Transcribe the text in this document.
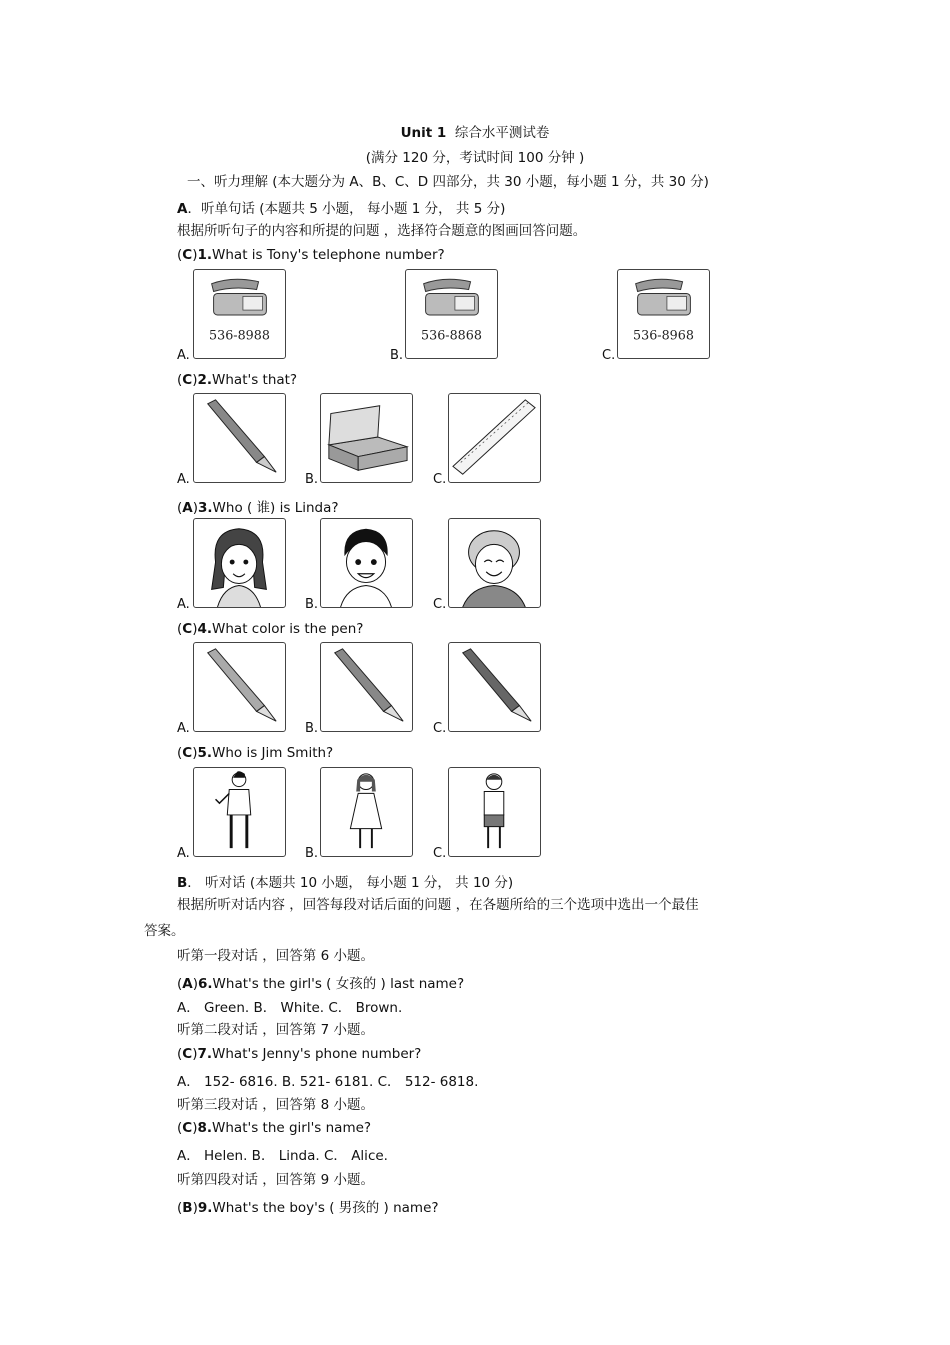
Unit 1 综合水平测试卷
(满分 120 分，考试时间 100 分钟 )
一、听力理解 (本大题分为 A、B、C、D 四部分，共 30 小题，每小题 1 分，共 30 分)
A．听单句话 (本题共 5 小题， 每小题 1 分， 共 5 分)
根据所听句子的内容和所提的问题 ，选择符合题意的图画回答问题。
(C)1.What is Tony's telephone number?
A.
536-8988
B.
536-8868
C.
536-8968
(C)2.What's that?
A.	B.	C.
(A)3.Who ( 谁) is Linda?
A.	B.	C.
(C)4.What color is the pen?
A.	B.	C.
(C)5.Who is Jim Smith?
A.	B.	C.
B． 听对话 (本题共 10 小题， 每小题 1 分， 共 10 分)
根据所听对话内容 ，回答每段对话后面的问题 ，在各题所给的三个选项中选出一个最佳
答案。
听第一段对话 ，回答第 6 小题。
(A)6.What's the girl's ( 女孩的 ) last name?
A． Green. B． White. C． Brown.
听第二段对话 ，回答第 7 小题。
(C)7.What's Jenny's phone number?
A． 152- 6816. B. 521- 6181. C． 512- 6818.
听第三段对话 ，回答第 8 小题。
(C)8.What's the girl's name?
A． Helen. B． Linda. C． Alice.
听第四段对话 ，回答第 9 小题。
(B)9.What's the boy's ( 男孩的 ) name?
